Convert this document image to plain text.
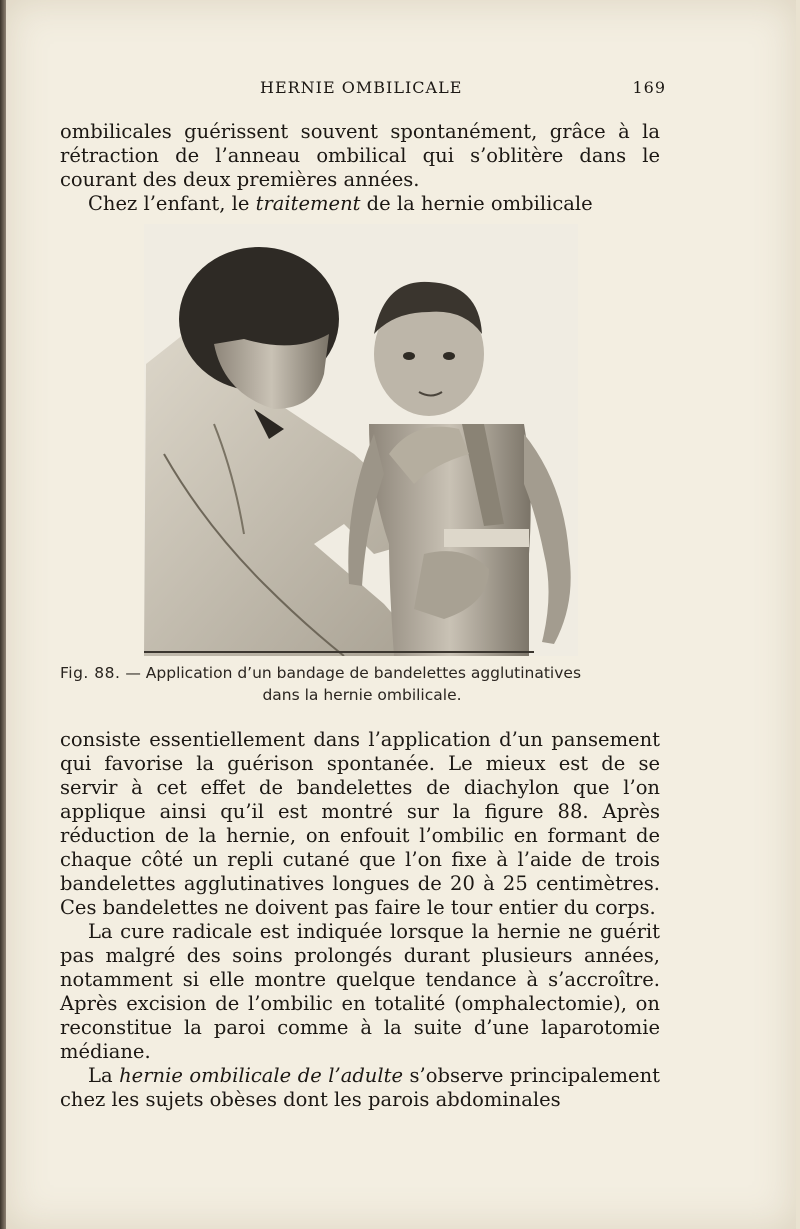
HERNIE OMBILICALE	169

ombilicales guérissent souvent spontanément, grâce à la rétraction de l’anneau ombilical qui s’oblitère dans le courant des deux premières années.

Chez l’enfant, le traitement de la hernie ombilicale

Fig. 88. — Application d’un bandage de bandelettes agglutinatives
dans la hernie ombilicale.

consiste essentiellement dans l’application d’un pansement qui favorise la guérison spontanée. Le mieux est de se servir à cet effet de bandelettes de diachylon que l’on applique ainsi qu’il est montré sur la figure 88. Après réduction de la hernie, on enfouit l’ombilic en formant de chaque côté un repli cutané que l’on fixe à l’aide de trois bandelettes agglutinatives longues de 20 à 25 centimètres. Ces bandelettes ne doivent pas faire le tour entier du corps.

La cure radicale est indiquée lorsque la hernie ne guérit pas malgré des soins prolongés durant plusieurs années, notamment si elle montre quelque tendance à s’accroître. Après excision de l’ombilic en totalité (omphalectomie), on reconstitue la paroi comme à la suite d’une laparotomie médiane.

La hernie ombilicale de l’adulte s’observe principalement chez les sujets obèses dont les parois abdominales
